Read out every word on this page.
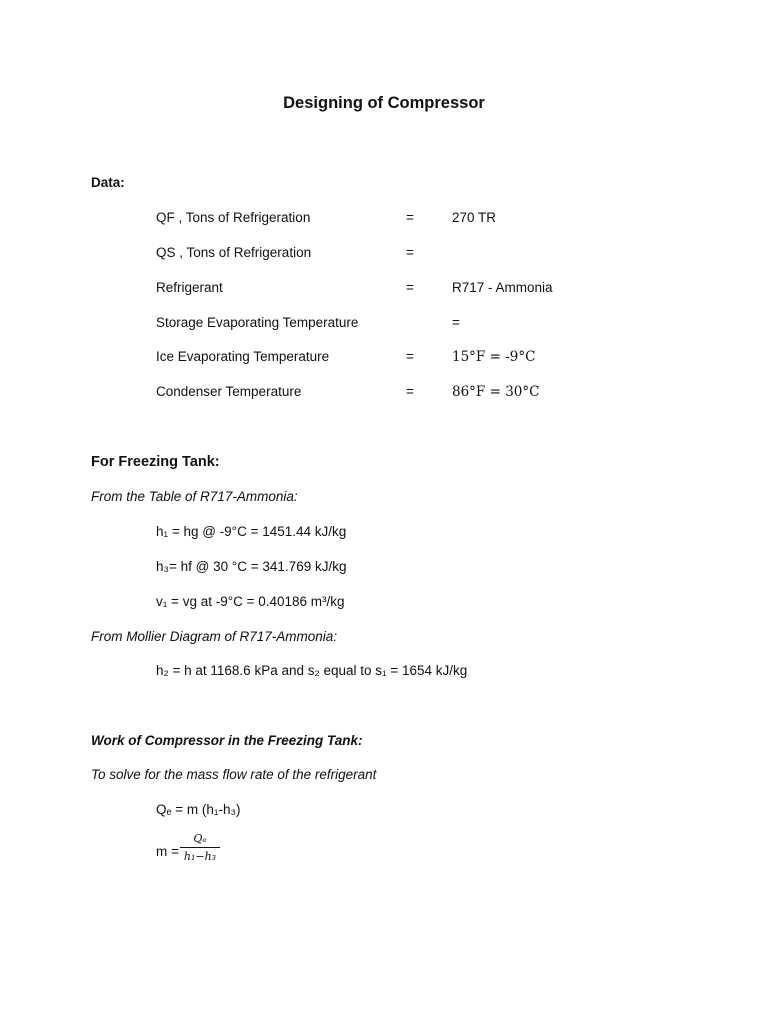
Designing of Compressor
Data:
QF , Tons of Refrigeration	=	270 TR
QS , Tons of Refrigeration	=
Refrigerant	=	R717 - Ammonia
Storage Evaporating Temperature	=
Ice Evaporating Temperature	=	15°F = -9°C
Condenser Temperature	=	86°F = 30°C
For Freezing Tank:
From the Table of R717-Ammonia:
h₁ = hg @ -9°C = 1451.44 kJ/kg
h₃= hf @ 30 °C = 341.769 kJ/kg
v₁ = vg at -9°C = 0.40186 m³/kg
From Mollier Diagram of R717-Ammonia:
h₂ = h at 1168.6 kPa and s₂ equal to s₁ = 1654 kJ/kg
Work of Compressor in the Freezing Tank:
To solve for the mass flow rate of the refrigerant
Qₑ = m (h₁-h₃)
m =
Qₑ
h₁−h₃
